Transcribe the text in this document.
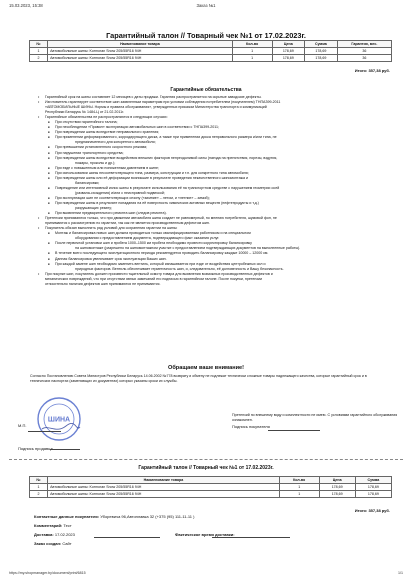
15.03.2023, 15:38	Заказ №1
Гарантийный талон // Товарный чек №1 от 17.02.2023г.
№	Наименование товара	Кол-во	Цена	Сумма	Гарантия, мес.
1	Автомобильные шины: Kormoran Snow 205/55R16 94H	1	178,69	178,69	36
2	Автомобильные шины: Kormoran Snow 205/55R16 94H	1	178,69	178,69	36
Итого: 357,38 руб.
Гарантийные обязательства
•	Гарантийный срок на шины составляет 12 месяцев с даты продажи. Гарантия распространяется на скрытые заводские дефекты.
•	Изготовитель гарантирует соответствие шин заявленным параметрам при условии соблюдения потребителем (покупателем) ТНПА399-2011
«АВТОМОБИЛЬНЫЕ ШИНЫ. Нормы и правила обслуживания», утвержденных приказом Министерства транспорта и коммуникаций
Республики Беларусь № 1484-Ц от 21.02.2011г.
•	Гарантийные обязательства не распространяются в следующих случаях:
■	При отсутствии гарантийного талона;
■	При несоблюдении «Правил» эксплуатации автомобильных шин в соответствии с ТНПА399-2011;
■	При повреждении шины вследствие неправильного хранения;
■	При применении деформированного, корродирующего диска, а также при применении диска неправильного размера и/или типа, не
предназначенного для конкретного автомобиля;
■	При превышении установленного скоростного режима;
■	При нарушении транспортного средства;
■	При повреждении шины вследствие воздействия внешних факторов непреодолимой силы (наезда на препятствия, порезы, вздутия,
пожары, проколы и др.);
■	При езде с повышенным или пониженным давлением в шине;
■	При использовании шины несоответствующего типа, размера, конструкции и т.п. для конкретного типа автомобиля;
■	При повреждении шины или её деформации возникшие в результате проведения некачественного шиномонтажа и
балансировки;
■	Повреждение или интенсивный износ шины в результате использования её на транспортном средстве с нарушением геометрии осей
(развала-схождения) и/или с неисправной подвеской;
■	При эксплуатации шин не соответствующих сезону («зимние» – летом, и «летние» – зимой);
■	При повреждении шины в результате попадания на её поверхность химических активных веществ (нефтепродукты и т.д.)
разрушающих резину;
■	При выявлении предварительного ремонта шин (следов ремонта).
•	Претензии принимаются только, что при движении автомобиля шина создает не равномерный, по мнению потребителя, шумовой фон, не
принимаются к рассмотрению по гарантии, так как не является производственным дефектом шин.
•	Покупатель обязан выполнить ряд условий для сохранения гарантии на шины:
■	Монтаж и балансировка новых шин должна проводиться только квалифицированным работником и на специальном
оборудовании с предоставлением документа, подтверждающего факт оказания услуг.
■	После первичной установки шин и пробега 1000–1500 км пробега необходимо провести корректировку балансировку
на шиномонтаже (разрешено на шиномонтажном участке с предоставлением подтверждающих документов на выполненные работы).
■	В течение всего последующего эксплуатационного периода рекомендуется проводить балансировку каждые 10000 – 12000 км.
■	Данная балансировка увеличивает срок эксплуатации Ваших шин.
■	При каждой замене шин необходимо заменить вентиль, который изнашивается при езде от воздействия центробежных сил и
природных факторов. Вентиль обеспечивает герметичность шин, и, следовательно, её долговечность и Вашу безопасность.
•	При покупке шин, покупатель должен произвести тщательный осмотр товара для выявления возможных производственных дефектов и
механических повреждений, что при отсутствии явных замечаний его подписью в гарантийном талоне. После покупки, претензии
относительно наличия дефектов шин принимаются не принимаются.
Обращаем ваше внимание!
Согласно Постановлению Совета Министров Республики Беларусь 14.06.2002 №778 возврату и обмену не подлежат технически сложные товары надлежащего качества, которые гарантийный срок и в технических паспортах (заменяющих их документах) которых указаны сроки их службы.
ШИНА
М.П.
Подпись продавца
Претензий по внешнему виду и комплектности не имею. С условиями гарантийного обслуживания ознакомлен.
Подпись покупателя
Гарантийный талон // Товарный чек №1 от 17.02.2023г.
№	Наименование товара	Кол-во	Цена	Сумма
1	Автомобильные шины: Kormoran Snow 205/55R16 94H	1	178,69	178,69
2	Автомобильные шины: Kormoran Snow 205/55R16 94H	1	178,69	178,69
Итого: 357,38 руб.
Контактные данные покупателя: Уборевича 96,Автоплавка 32 (+375 (95) 111-11-11 )
Комментарий: Тест
Доставка: 17.02.2023	Фактическое время доставки:
Заказ создан: Сайт
https://my.shopmanager.by/document/print/6815	1/1
